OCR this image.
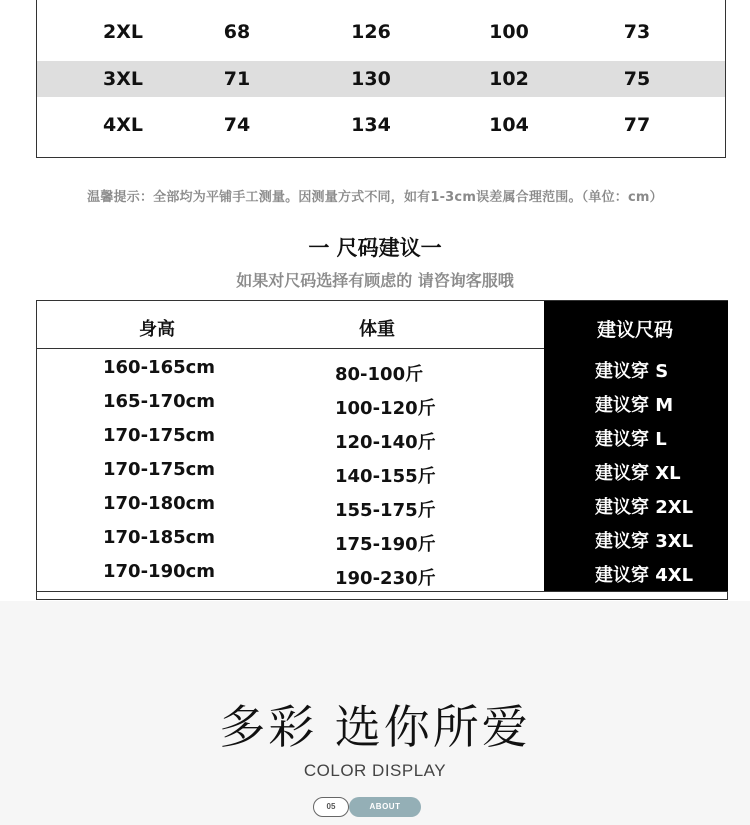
2XL	68	126	100	73
3XL	71	130	102	75
4XL	74	134	104	77
温馨提示：全部均为平铺手工测量。因测量方式不同，如有1-3cm误差属合理范围。（单位：cm）
一 尺码建议一
如果对尺码选择有顾虑的 请咨询客服哦
身高	体重	建议尺码
160-165cm	80-100斤	建议穿 S
165-170cm	100-120斤	建议穿 M
170-175cm	120-140斤	建议穿 L
170-175cm	140-155斤	建议穿 XL
170-180cm	155-175斤	建议穿 2XL
170-185cm	175-190斤	建议穿 3XL
170-190cm	190-230斤	建议穿 4XL
多彩 选你所爱
COLOR DISPLAY
05	ABOUT
